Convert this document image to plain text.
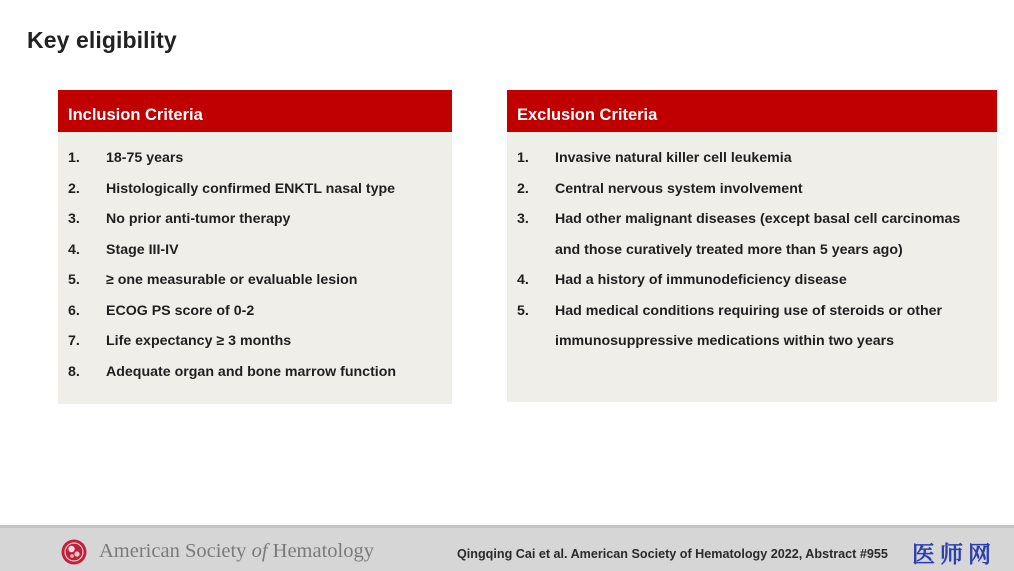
Key eligibility
Inclusion Criteria
1.	18-75 years
2.	Histologically confirmed ENKTL nasal type
3.	No prior anti-tumor therapy
4.	Stage III-IV
5.	≥ one measurable or evaluable lesion
6.	ECOG PS score of 0-2
7.	Life expectancy ≥ 3 months
8.	Adequate organ and bone marrow function
Exclusion Criteria
1.	Invasive natural killer cell leukemia
2.	Central nervous system involvement
3.	Had other malignant diseases (except basal cell carcinomas and those curatively treated more than 5 years ago)
4.	Had a history of immunodeficiency disease
5.	Had medical conditions requiring use of steroids or other immunosuppressive medications within two years
American Society of Hematology	Qingqing Cai et al. American Society of Hematology 2022, Abstract #955 医师网
